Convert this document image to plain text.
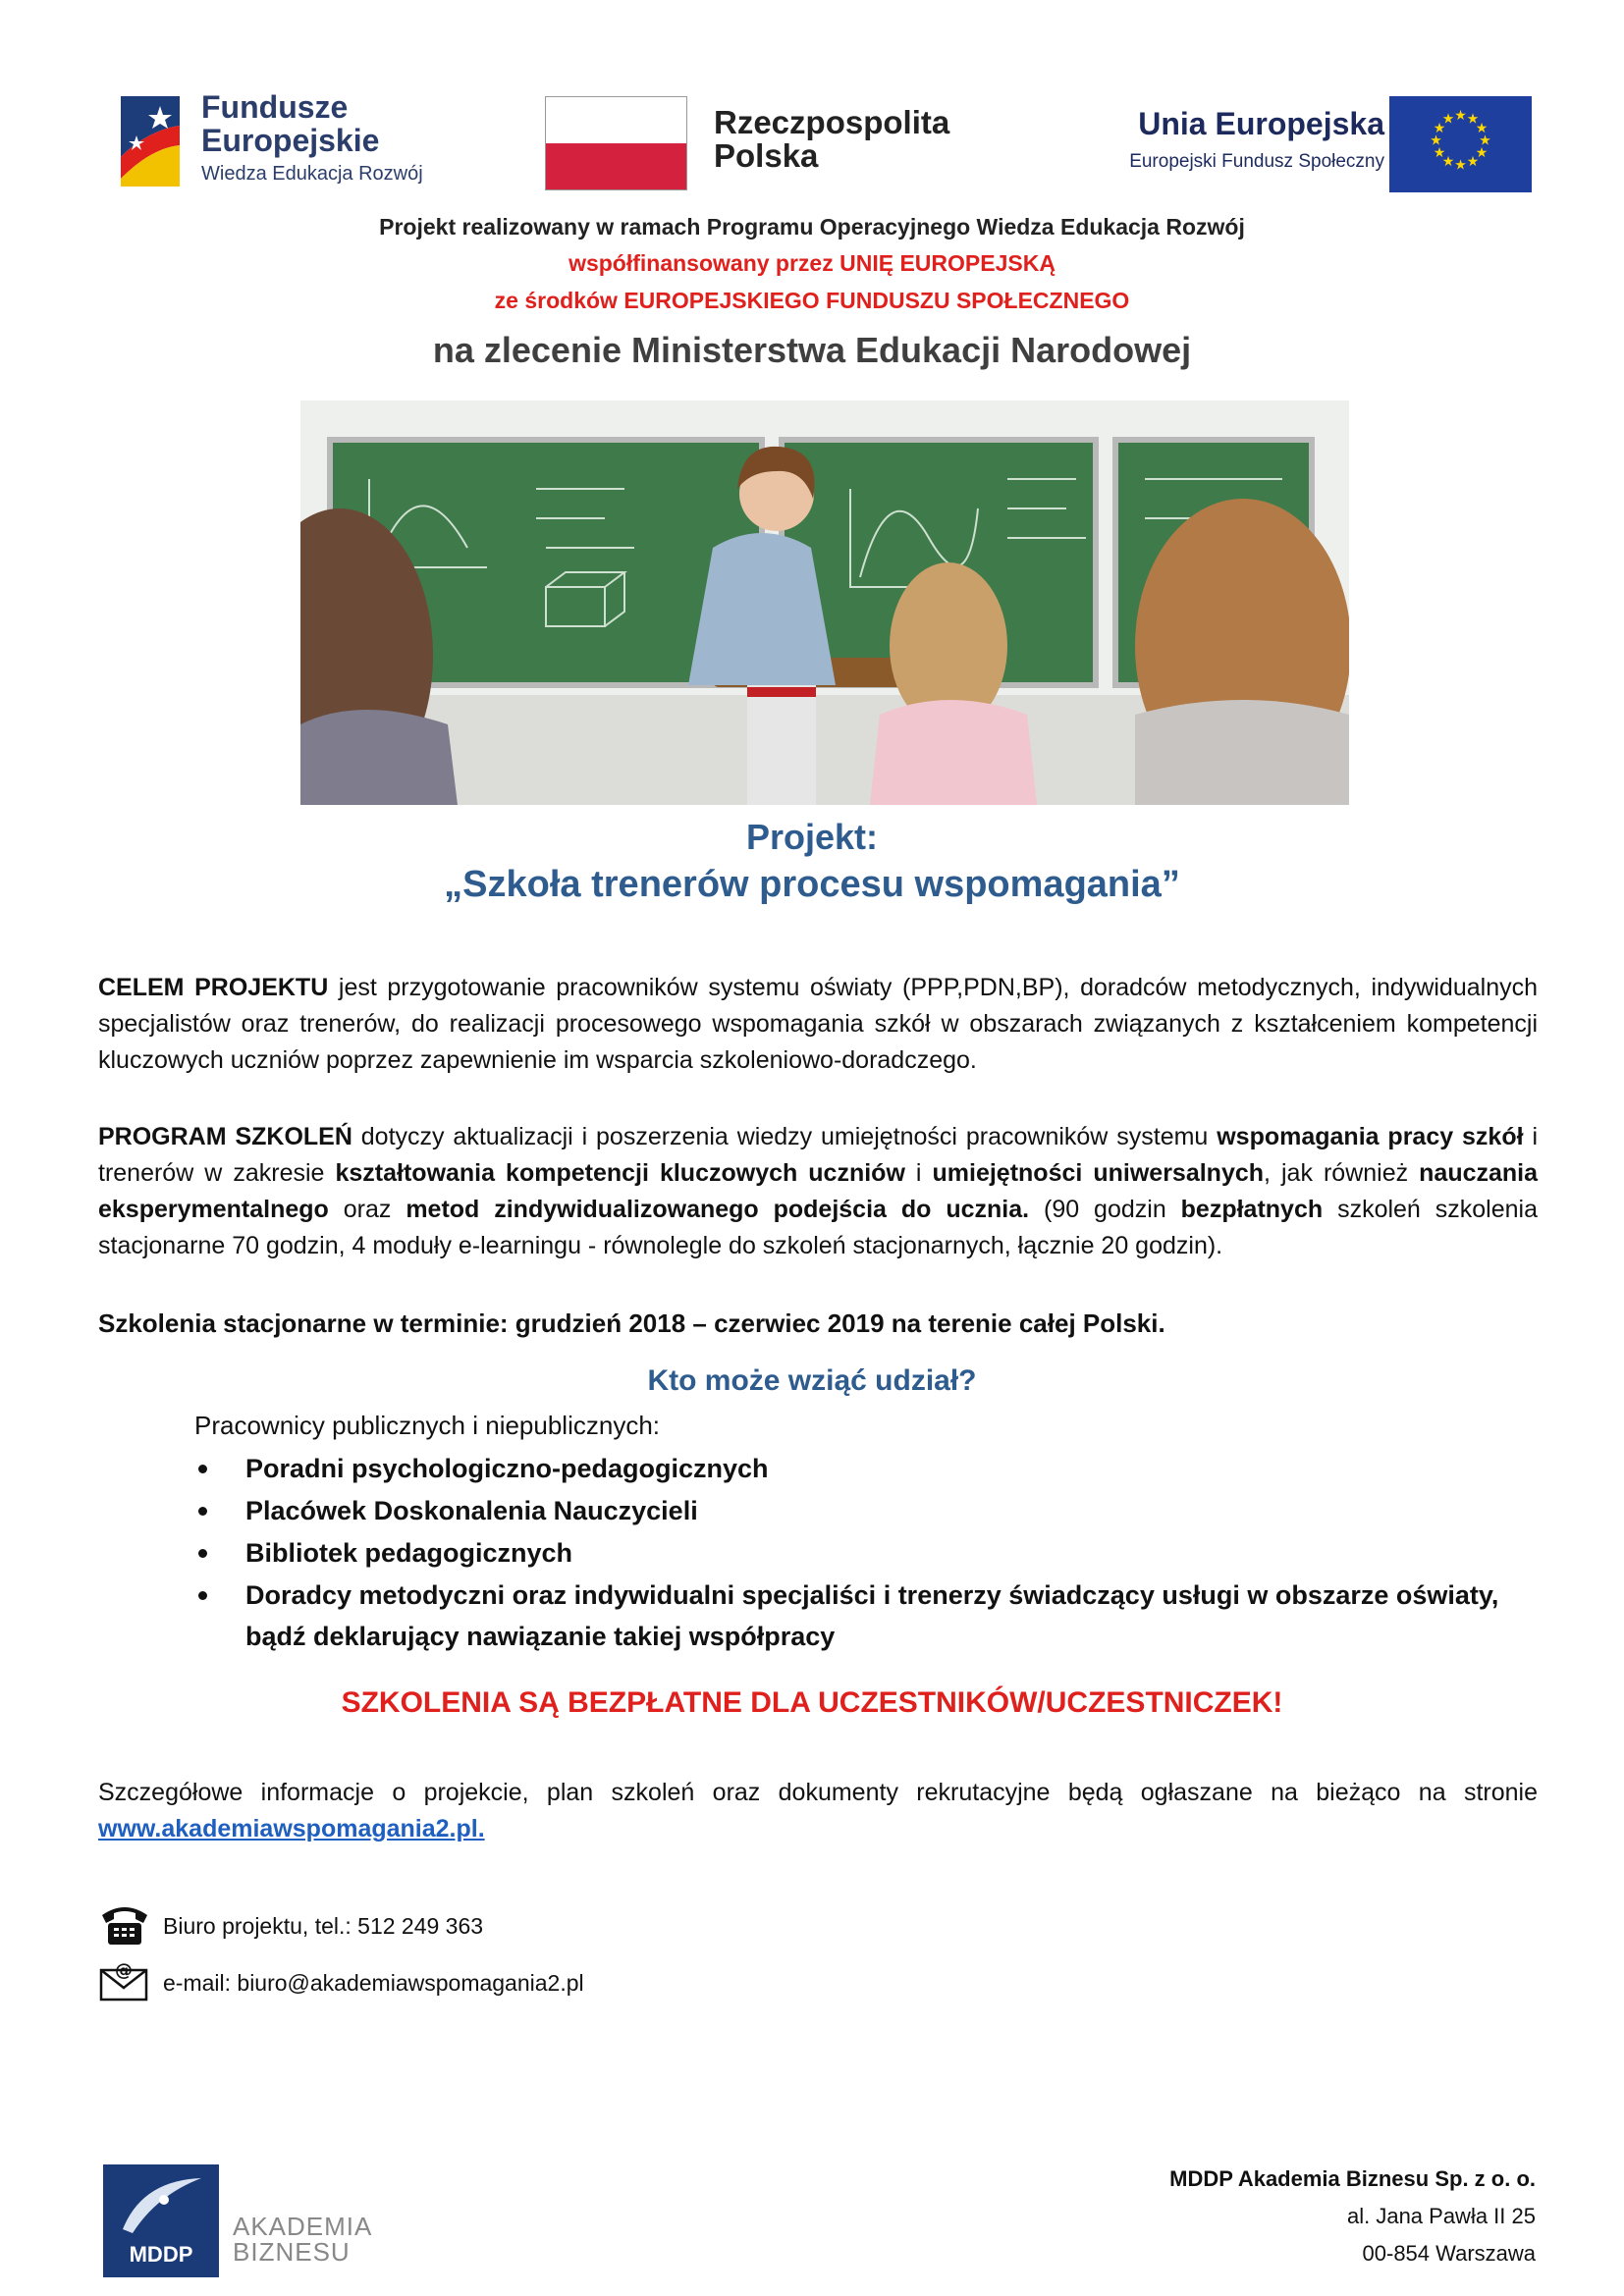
Fundusze
Europejskie
Wiedza Edukacja Rozwój
Rzeczpospolita
Polska
Unia Europejska
Europejski Fundusz Społeczny
★ ★
★
★
★
★
★
★
★
★
★
★
Projekt realizowany w ramach Programu Operacyjnego Wiedza Edukacja Rozwój
współfinansowany przez UNIĘ EUROPEJSKĄ
ze środków EUROPEJSKIEGO FUNDUSZU SPOŁECZNEGO
na zlecenie Ministerstwa Edukacji Narodowej
Projekt:
„Szkoła trenerów procesu wspomagania”
CELEM PROJEKTU jest przygotowanie pracowników systemu oświaty (PPP,PDN,BP), doradców metodycznych, indywidualnych specjalistów oraz trenerów, do realizacji procesowego wspomagania szkół w obszarach związanych z kształceniem kompetencji kluczowych uczniów poprzez zapewnienie im wsparcia szkoleniowo-doradczego.
PROGRAM SZKOLEŃ dotyczy aktualizacji i poszerzenia wiedzy umiejętności pracowników systemu wspomagania pracy szkół i trenerów w zakresie kształtowania kompetencji kluczowych uczniów i umiejętności uniwersalnych, jak również nauczania eksperymentalnego oraz metod zindywidualizowanego podejścia do ucznia. (90 godzin bezpłatnych szkoleń szkolenia stacjonarne 70 godzin, 4 moduły e-learningu - równolegle do szkoleń stacjonarnych, łącznie 20 godzin).
Szkolenia stacjonarne w terminie: grudzień 2018 – czerwiec 2019 na terenie całej Polski.
Kto może wziąć udział?
Pracownicy publicznych i niepublicznych:
Poradni psychologiczno-pedagogicznych
Placówek Doskonalenia Nauczycieli
Bibliotek pedagogicznych
Doradcy metodyczni oraz indywidualni specjaliści i trenerzy świadczący usługi w obszarze oświaty, bądź deklarujący nawiązanie takiej współpracy
SZKOLENIA SĄ BEZPŁATNE DLA UCZESTNIKÓW/UCZESTNICZEK!
Szczegółowe informacje o projekcie, plan szkoleń oraz dokumenty rekrutacyjne będą ogłaszane na bieżąco na stronie www.akademiawspomagania2.pl.
Biuro projektu, tel.: 512 249 363
@ e-mail: biuro@akademiawspomagania2.pl
MDDP
AKADEMIA
BIZNESU
MDDP Akademia Biznesu Sp. z o. o.
al. Jana Pawła II 25
00-854 Warszawa
